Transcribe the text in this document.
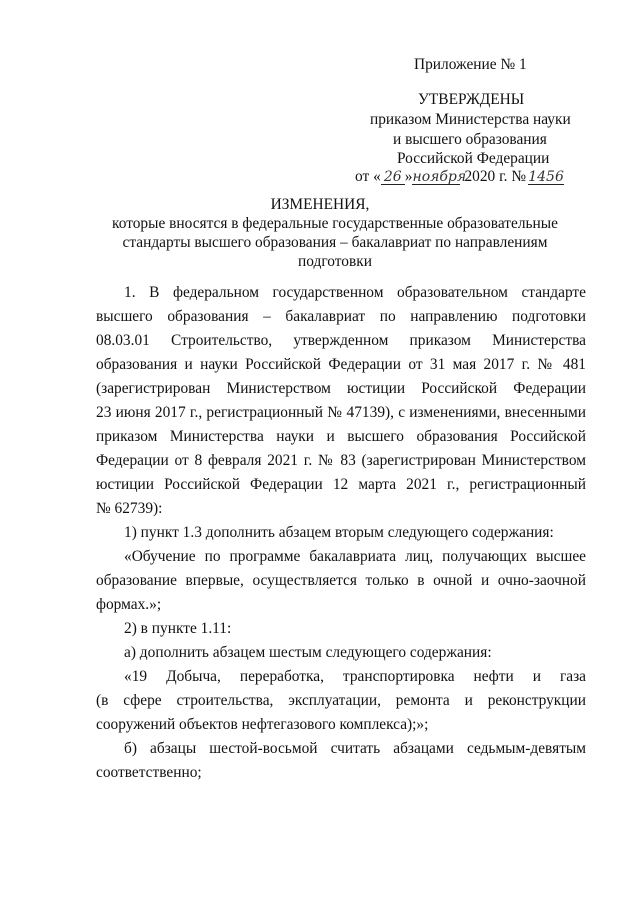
Приложение № 1
УТВЕРЖДЕНЫ
приказом Министерства науки
и высшего образования
Российской Федерации
от « 26 »ноября2020 г. № 1456
ИЗМЕНЕНИЯ,
которые вносятся в федеральные государственные образовательные
стандарты высшего образования – бакалавриат по направлениям
подготовки
1. В федеральном государственном образовательном стандарте
высшего образования – бакалавриат по направлению подготовки
08.03.01 Строительство, утвержденном приказом Министерства
образования и науки Российской Федерации от 31 мая 2017 г. № 481
(зарегистрирован Министерством юстиции Российской Федерации
23 июня 2017 г., регистрационный № 47139), с изменениями, внесенными
приказом Министерства науки и высшего образования Российской
Федерации от 8 февраля 2021 г. № 83 (зарегистрирован Министерством
юстиции Российской Федерации 12 марта 2021 г., регистрационный
№ 62739):
1) пункт 1.3 дополнить абзацем вторым следующего содержания:
«Обучение по программе бакалавриата лиц, получающих высшее
образование впервые, осуществляется только в очной и очно-заочной
формах.»;
2) в пункте 1.11:
а) дополнить абзацем шестым следующего содержания:
«19 Добыча, переработка, транспортировка нефти и газа
(в сфере строительства, эксплуатации, ремонта и реконструкции
сооружений объектов нефтегазового комплекса);»;
б) абзацы шестой-восьмой считать абзацами седьмым-девятым
соответственно;
